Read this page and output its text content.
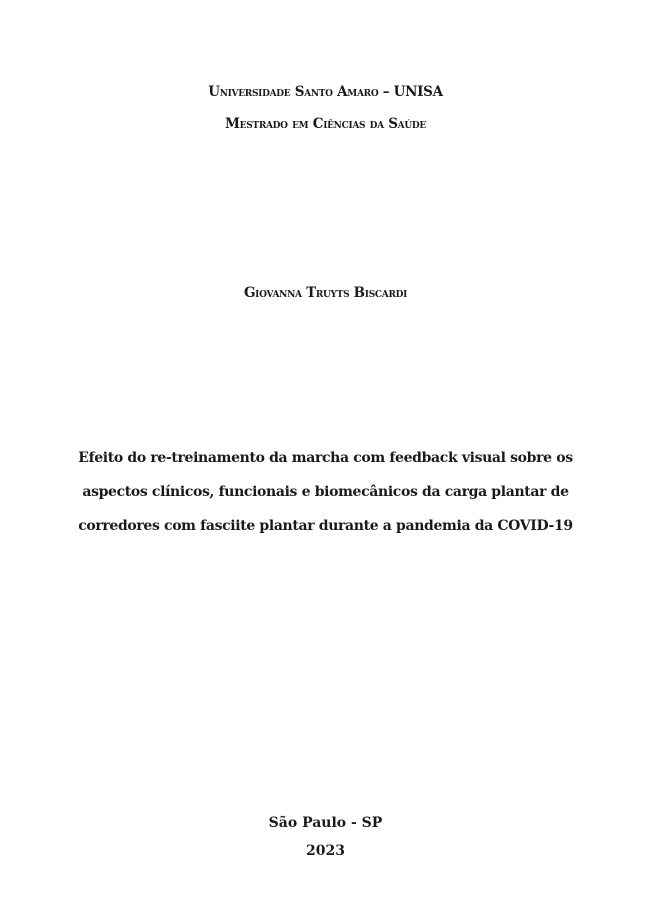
Universidade Santo Amaro – UNISA
Mestrado em Ciências da Saúde
Giovanna Truyts Biscardi
Efeito do re-treinamento da marcha com feedback visual sobre os
aspectos clínicos, funcionais e biomecânicos da carga plantar de
corredores com fasciite plantar durante a pandemia da COVID-19
São Paulo - SP
2023
